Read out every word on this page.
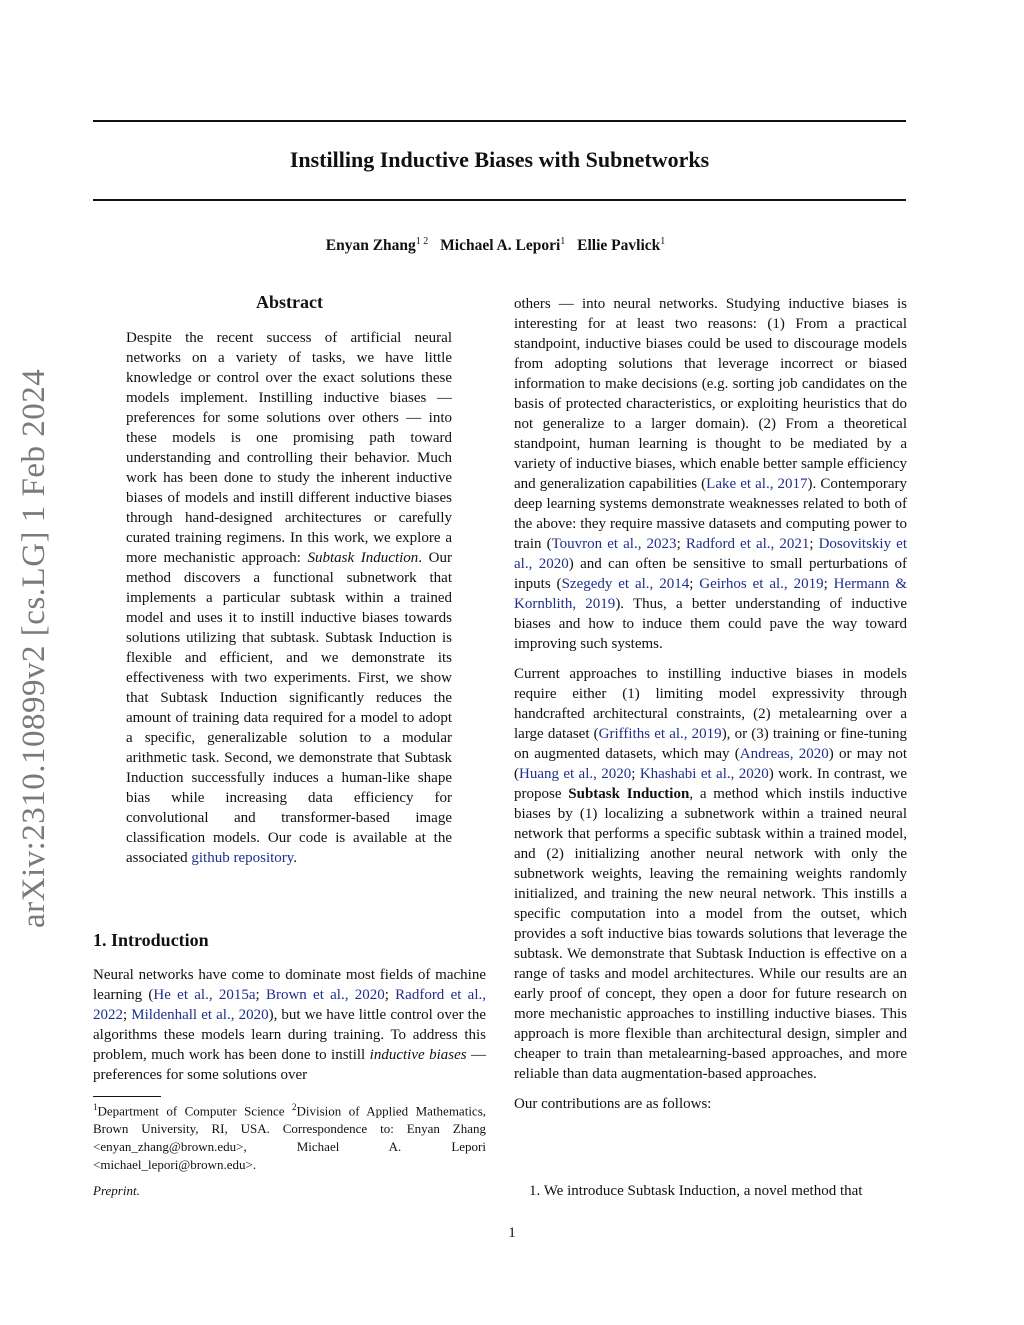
Instilling Inductive Biases with Subnetworks
Enyan Zhang$^{1 2}$ Michael A. Lepori$^1$ Ellie Pavlick$^1$
arXiv:2310.10899v2 [cs.LG] 1 Feb 2024
Abstract
Despite the recent success of artificial neural networks on a variety of tasks, we have little knowledge or control over the exact solutions these models implement. Instilling inductive biases — preferences for some solutions over others — into these models is one promising path toward understanding and controlling their behavior. Much work has been done to study the inherent inductive biases of models and instill different inductive biases through hand-designed architectures or carefully curated training regimens. In this work, we explore a more mechanistic approach: Subtask Induction. Our method discovers a functional subnetwork that implements a particular subtask within a trained model and uses it to instill inductive biases towards solutions utilizing that subtask. Subtask Induction is flexible and efficient, and we demonstrate its effectiveness with two experiments. First, we show that Subtask Induction significantly reduces the amount of training data required for a model to adopt a specific, generalizable solution to a modular arithmetic task. Second, we demonstrate that Subtask Induction successfully induces a human-like shape bias while increasing data efficiency for convolutional and transformer-based image classification models. Our code is available at the associated github repository.
1. Introduction
Neural networks have come to dominate most fields of machine learning (He et al., 2015a; Brown et al., 2020; Radford et al., 2022; Mildenhall et al., 2020), but we have little control over the algorithms these models learn during training. To address this problem, much work has been done to instill inductive biases — preferences for some solutions over
$^1$Department of Computer Science $^2$Division of Applied Mathematics, Brown University, RI, USA. Correspondence to: Enyan Zhang <enyan_zhang@brown.edu>, Michael A. Lepori <michael_lepori@brown.edu>.
Preprint.

others — into neural networks. Studying inductive biases is interesting for at least two reasons: (1) From a practical standpoint, inductive biases could be used to discourage models from adopting solutions that leverage incorrect or biased information to make decisions (e.g. sorting job candidates on the basis of protected characteristics, or exploiting heuristics that do not generalize to a larger domain). (2) From a theoretical standpoint, human learning is thought to be mediated by a variety of inductive biases, which enable better sample efficiency and generalization capabilities (Lake et al., 2017). Contemporary deep learning systems demonstrate weaknesses related to both of the above: they require massive datasets and computing power to train (Touvron et al., 2023; Radford et al., 2021; Dosovitskiy et al., 2020) and can often be sensitive to small perturbations of inputs (Szegedy et al., 2014; Geirhos et al., 2019; Hermann & Kornblith, 2019). Thus, a better understanding of inductive biases and how to induce them could pave the way toward improving such systems.

Current approaches to instilling inductive biases in models require either (1) limiting model expressivity through handcrafted architectural constraints, (2) metalearning over a large dataset (Griffiths et al., 2019), or (3) training or fine-tuning on augmented datasets, which may (Andreas, 2020) or may not (Huang et al., 2020; Khashabi et al., 2020) work. In contrast, we propose Subtask Induction, a method which instils inductive biases by (1) localizing a subnetwork within a trained neural network that performs a specific subtask within a trained model, and (2) initializing another neural network with only the subnetwork weights, leaving the remaining weights randomly initialized, and training the new neural network. This instills a specific computation into a model from the outset, which provides a soft inductive bias towards solutions that leverage the subtask. We demonstrate that Subtask Induction is effective on a range of tasks and model architectures. While our results are an early proof of concept, they open a door for future research on more mechanistic approaches to instilling inductive biases. This approach is more flexible than architectural design, simpler and cheaper to train than metalearning-based approaches, and more reliable than data augmentation-based approaches.

Our contributions are as follows:

1. We introduce Subtask Induction, a novel method that
1
